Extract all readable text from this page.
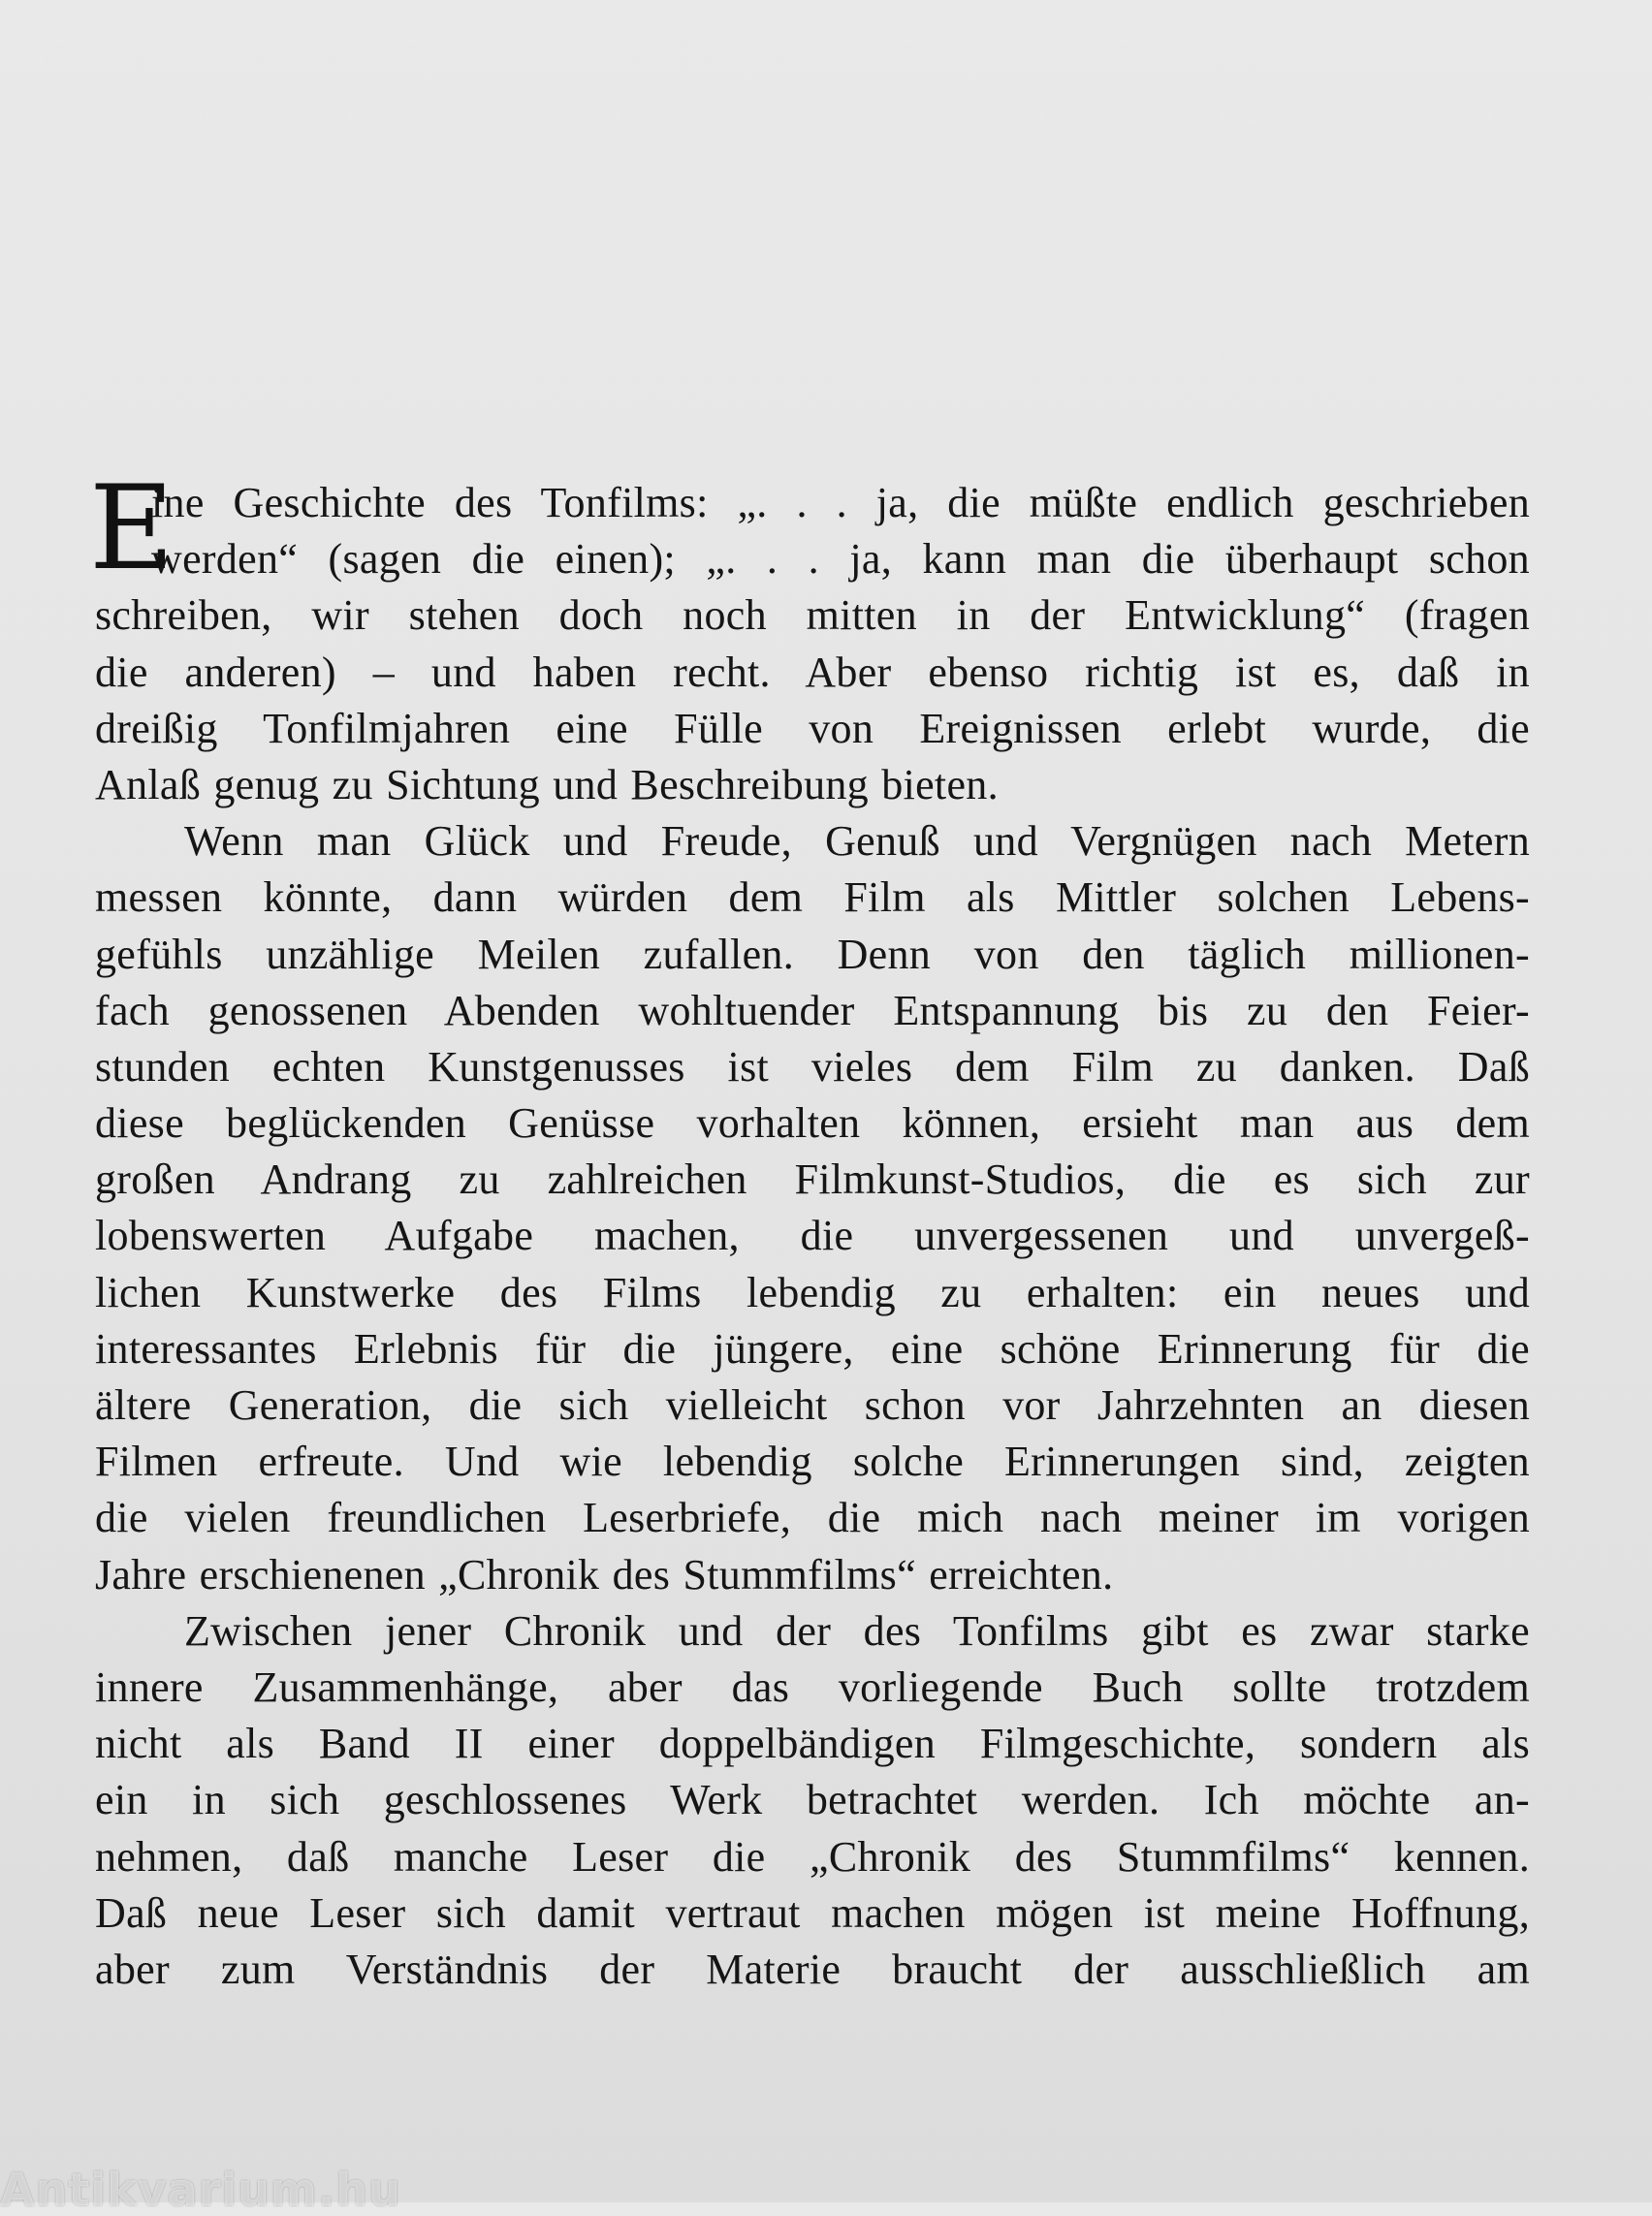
E
ine Geschichte des Tonfilms: „. . . ja, die müßte endlich geschrieben
werden“ (sagen die einen); „. . . ja, kann man die überhaupt schon
schreiben, wir stehen doch noch mitten in der Entwicklung“ (fragen
die anderen) – und haben recht. Aber ebenso richtig ist es, daß in
dreißig Tonfilmjahren eine Fülle von Ereignissen erlebt wurde, die
Anlaß genug zu Sichtung und Beschreibung bieten.
Wenn man Glück und Freude, Genuß und Vergnügen nach Metern
messen könnte, dann würden dem Film als Mittler solchen Lebens-
gefühls unzählige Meilen zufallen. Denn von den täglich millionen-
fach genossenen Abenden wohltuender Entspannung bis zu den Feier-
stunden echten Kunstgenusses ist vieles dem Film zu danken. Daß
diese beglückenden Genüsse vorhalten können, ersieht man aus dem
großen Andrang zu zahlreichen Filmkunst-Studios, die es sich zur
lobenswerten Aufgabe machen, die unvergessenen und unvergeß-
lichen Kunstwerke des Films lebendig zu erhalten: ein neues und
interessantes Erlebnis für die jüngere, eine schöne Erinnerung für die
ältere Generation, die sich vielleicht schon vor Jahrzehnten an diesen
Filmen erfreute. Und wie lebendig solche Erinnerungen sind, zeigten
die vielen freundlichen Leserbriefe, die mich nach meiner im vorigen
Jahre erschienenen „Chronik des Stummfilms“ erreichten.
Zwischen jener Chronik und der des Tonfilms gibt es zwar starke
innere Zusammenhänge, aber das vorliegende Buch sollte trotzdem
nicht als Band II einer doppelbändigen Filmgeschichte, sondern als
ein in sich geschlossenes Werk betrachtet werden. Ich möchte an-
nehmen, daß manche Leser die „Chronik des Stummfilms“ kennen.
Daß neue Leser sich damit vertraut machen mögen ist meine Hoffnung,
aber zum Verständnis der Materie braucht der ausschließlich am
Antikvarium.hu
